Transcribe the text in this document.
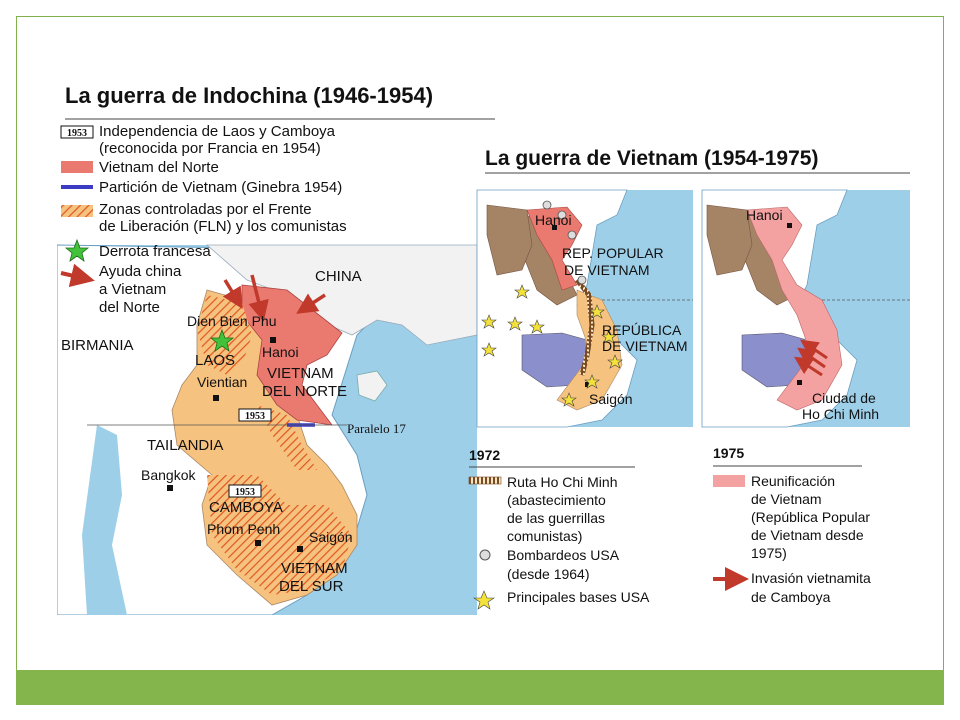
1953
1953
La guerra de Indochina (1946-1954)
1953 Independencia de Laos y Camboya
(reconocida por Francia en 1954)
Vietnam del Norte
Partición de Vietnam (Ginebra 1954)
Zonas controladas por el Frente
de Liberación (FLN) y los comunistas
Derrota francesa
Ayuda china
a Vietnam
del Norte
CHINA
BIRMANIA
Dien Bien Phu
Hanoi
LAOS
Vientian VIETNAM
DEL NORTE
Paralelo 17
TAILANDIA
Bangkok
CAMBOYA
Phom Penh Saigón
VIETNAM
DEL SUR
La guerra de Vietnam (1954-1975)
Hanoi
REP. POPULAR
DE VIETNAM
REPÚBLICA
DE VIETNAM
Saigón
Hanoi
Ciudad de
Ho Chi Minh
1972
Ruta Ho Chi Minh
(abastecimiento
de las guerrillas
comunistas)
Bombardeos USA
(desde 1964)
Principales bases USA
1975
Reunificación
de Vietnam
(República Popular
de Vietnam desde
1975)
Invasión vietnamita
de Camboya
